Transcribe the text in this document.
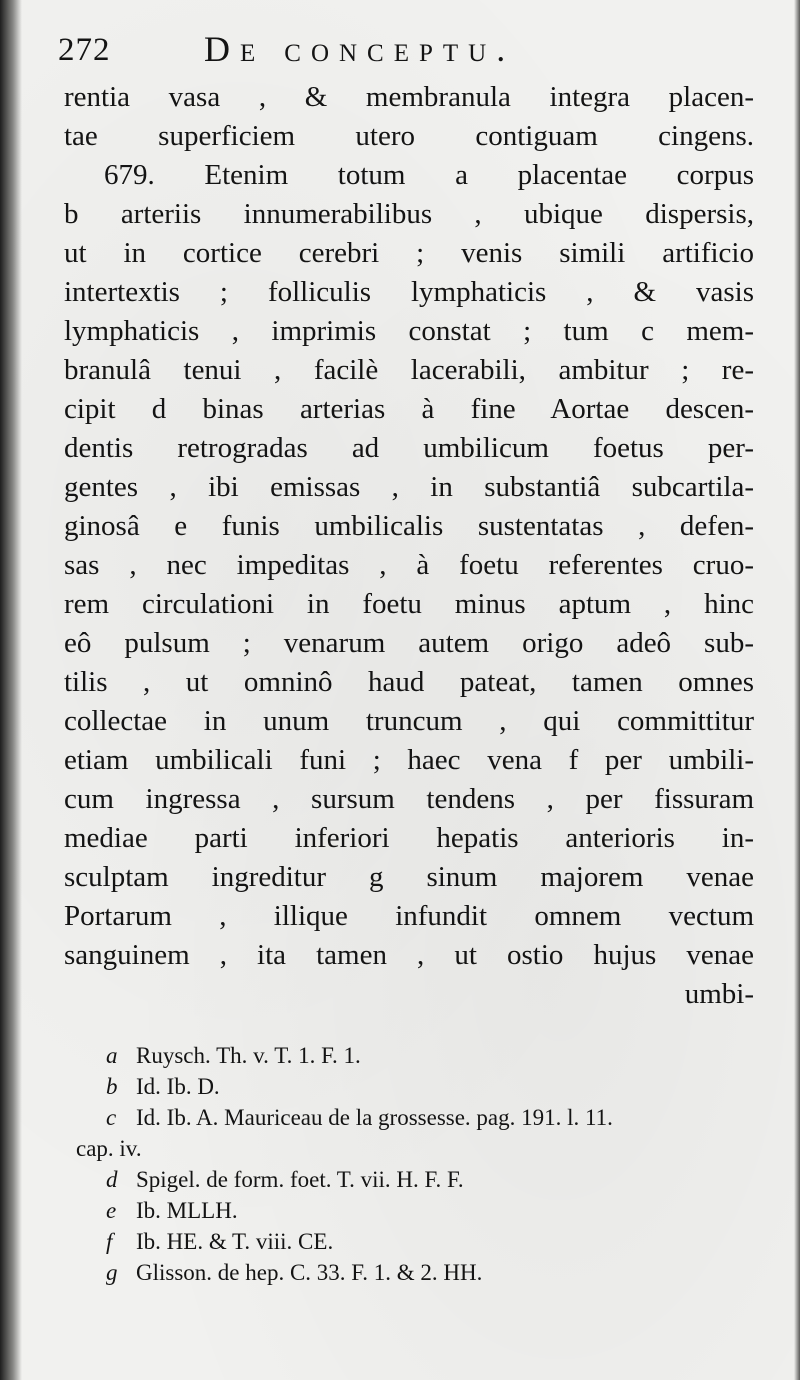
272	De conceptu.
rentia vasa , & membranula integra placen-
tae superficiem utero contiguam cingens.
679. Etenim totum a placentae corpus
b arteriis innumerabilibus , ubique dispersis,
ut in cortice cerebri ; venis simili artificio
intertextis ; folliculis lymphaticis , & vasis
lymphaticis , imprimis constat ; tum c mem-
branulâ tenui , facilè lacerabili, ambitur ; re-
cipit d binas arterias à fine Aortae descen-
dentis retrogradas ad umbilicum foetus per-
gentes , ibi emissas , in substantiâ subcartila-
ginosâ e funis umbilicalis sustentatas , defen-
sas , nec impeditas , à foetu referentes cruo-
rem circulationi in foetu minus aptum , hinc
eô pulsum ; venarum autem origo adeô sub-
tilis , ut omninô haud pateat, tamen omnes
collectae in unum truncum , qui committitur
etiam umbilicali funi ; haec vena f per umbili-
cum ingressa , sursum tendens , per fissuram
mediae parti inferiori hepatis anterioris in-
sculptam ingreditur g sinum majorem venae
Portarum , illique infundit omnem vectum
sanguinem , ita tamen , ut ostio hujus venae
umbi-
a Ruysch. Th. v. T. 1. F. 1.
b Id. Ib. D.
c Id. Ib. A. Mauriceau de la grossesse. pag. 191. l. 11.
cap. iv.
d Spigel. de form. foet. T. vii. H. F. F.
e Ib. MLLH.
f Ib. HE. & T. viii. CE.
g Glisson. de hep. C. 33. F. 1. & 2. HH.
